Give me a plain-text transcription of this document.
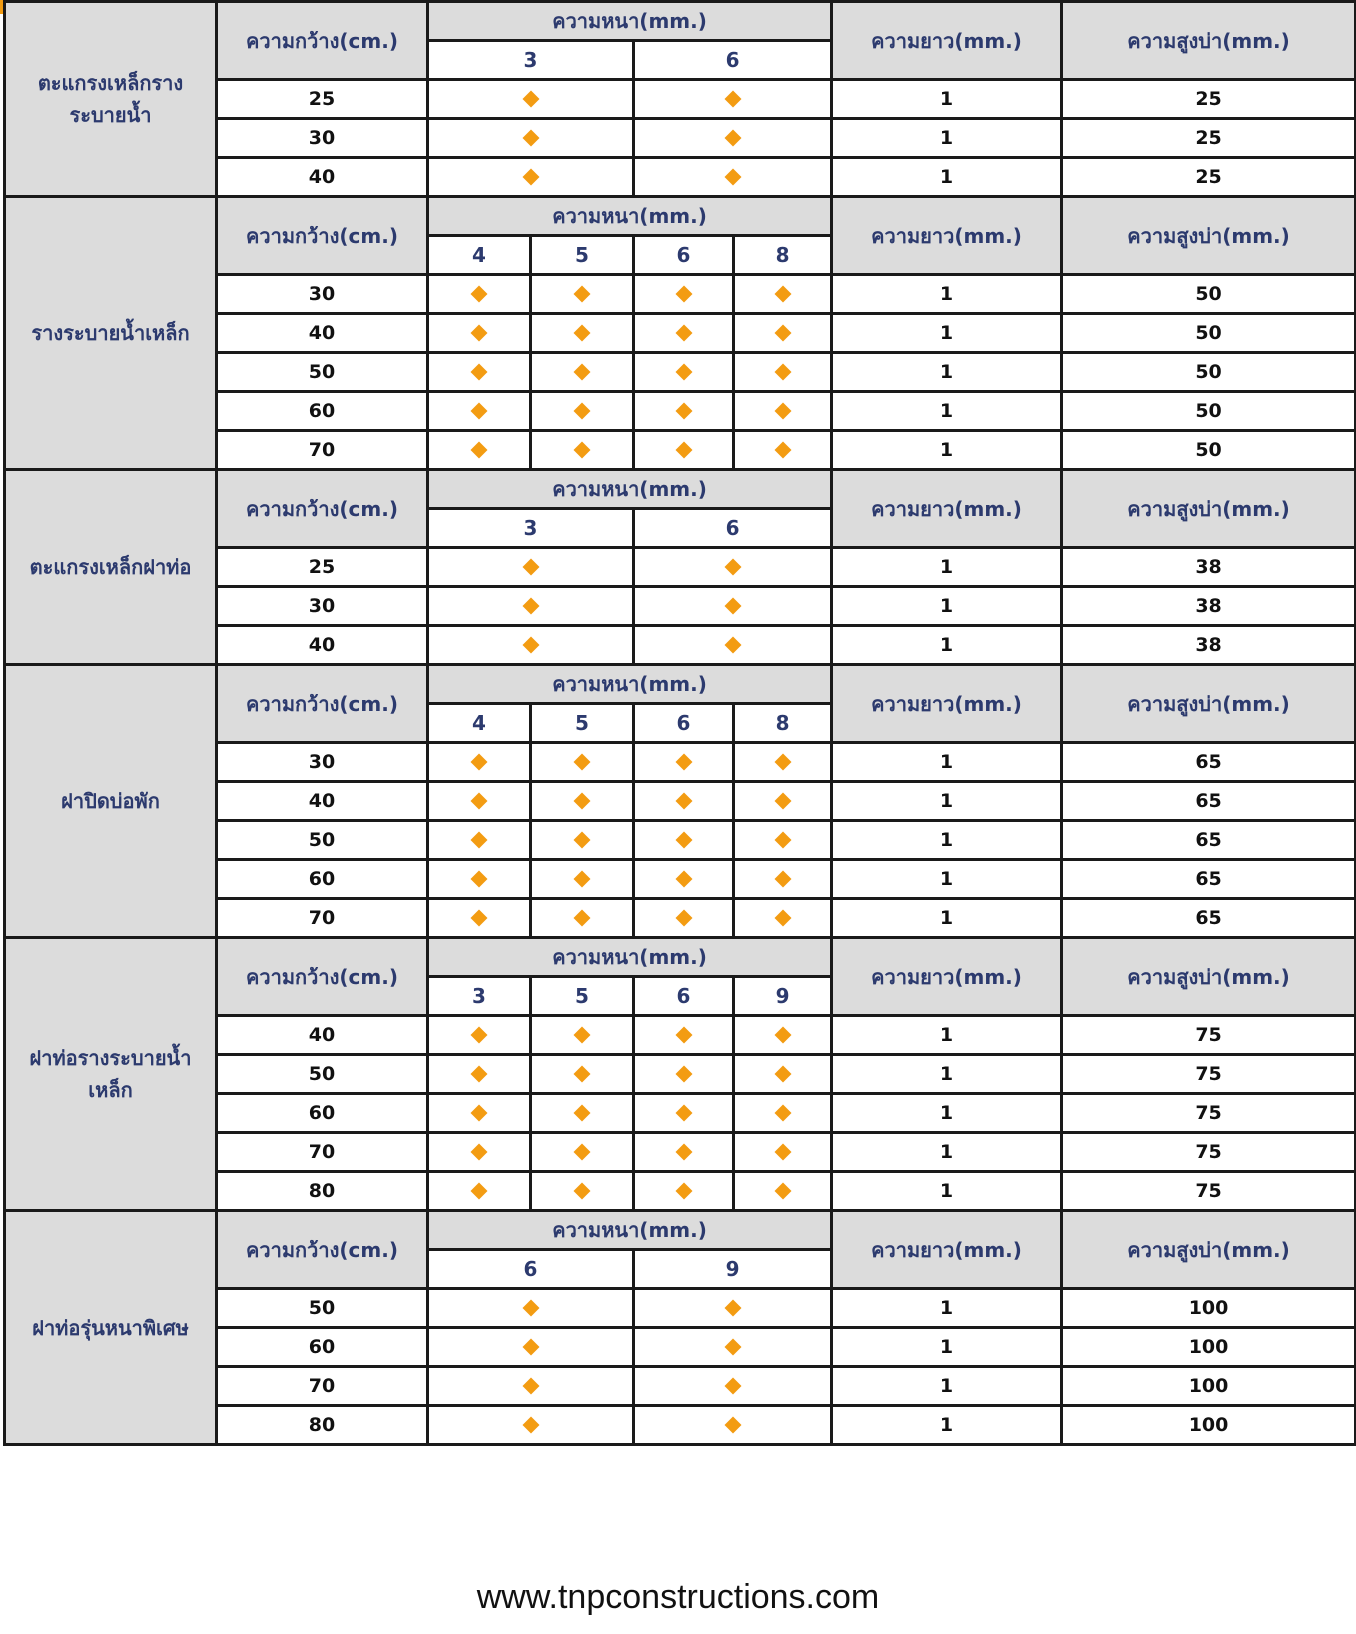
ตะแกรงเหล็กราง ระบายน้ำ	ความกว้าง(cm.)	ความหนา(mm.)				ความยาว(mm.)	ความสูงบ่า(mm.)
		3		6			
	25					1	25
	30					1	25
	40					1	25
รางระบายน้ำเหล็ก	ความกว้าง(cm.)	ความหนา(mm.)				ความยาว(mm.)	ความสูงบ่า(mm.)
		4	5	6	8		
	30					1	50
	40					1	50
	50					1	50
	60					1	50
	70					1	50
ตะแกรงเหล็กฝาท่อ	ความกว้าง(cm.)	ความหนา(mm.)				ความยาว(mm.)	ความสูงบ่า(mm.)
		3		6			
	25					1	38
	30					1	38
	40					1	38
ฝาปิดบ่อพัก	ความกว้าง(cm.)	ความหนา(mm.)				ความยาว(mm.)	ความสูงบ่า(mm.)
		4	5	6	8		
	30					1	65
	40					1	65
	50					1	65
	60					1	65
	70					1	65
ฝาท่อรางระบายน้ำ เหล็ก	ความกว้าง(cm.)	ความหนา(mm.)				ความยาว(mm.)	ความสูงบ่า(mm.)
		3	5	6	9		
	40					1	75
	50					1	75
	60					1	75
	70					1	75
	80					1	75
ฝาท่อรุ่นหนาพิเศษ	ความกว้าง(cm.)	ความหนา(mm.)				ความยาว(mm.)	ความสูงบ่า(mm.)
		6		9			
	50					1	100
	60					1	100
	70					1	100
	80					1	100
www.tnpconstructions.com
